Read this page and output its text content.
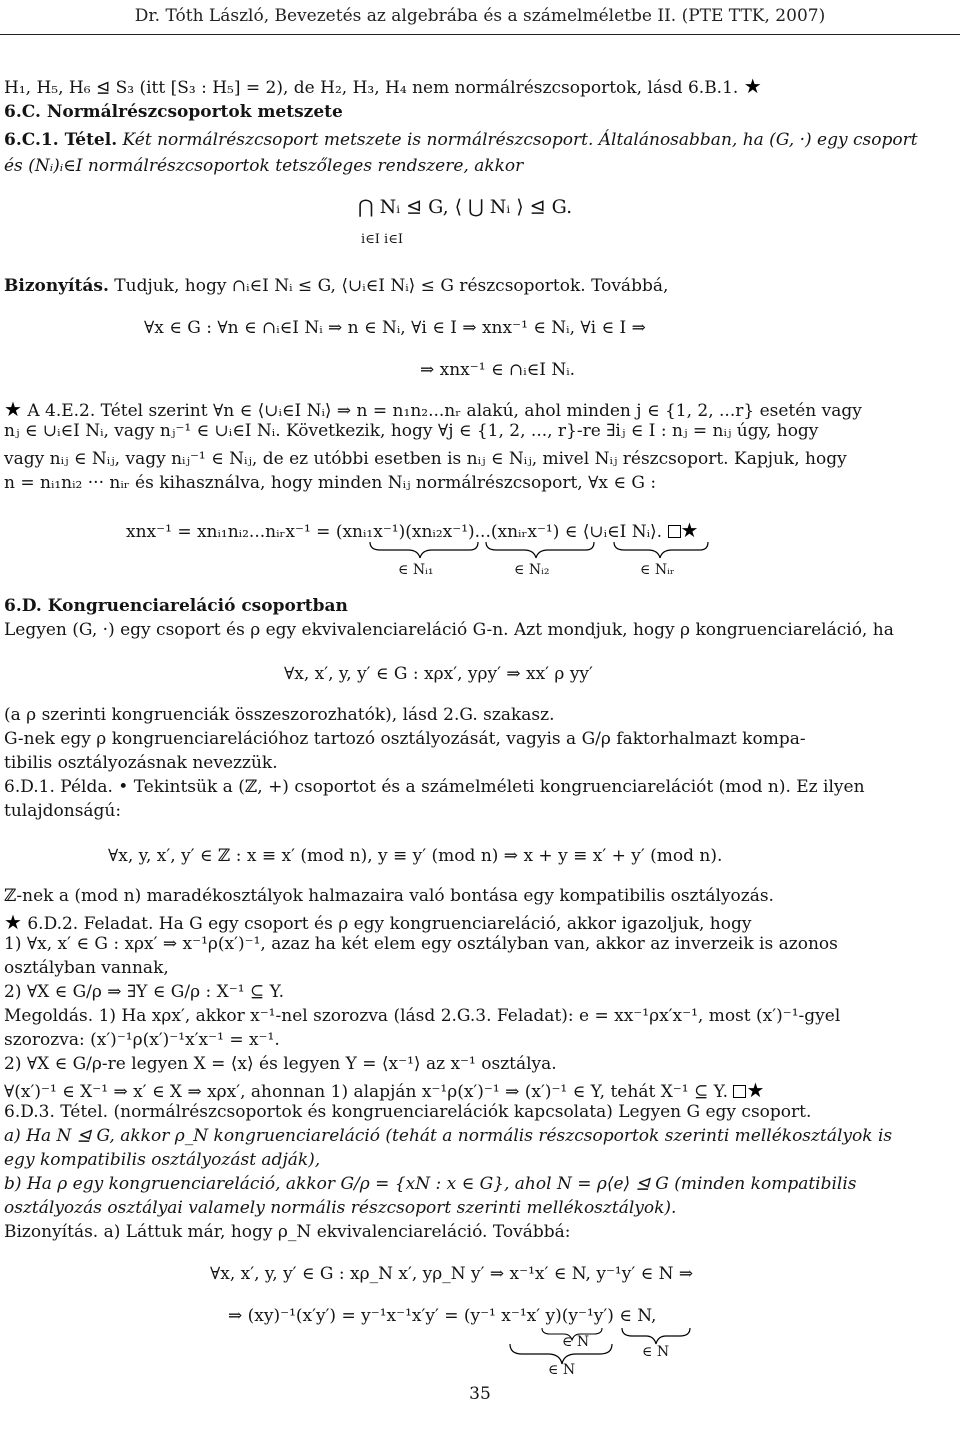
Dr. Tóth László, Bevezetés az algebrába és a számelméletbe II. (PTE TTK, 2007)

H₁, H₅, H₆ ⊴ S₃ (itt [S₃ : H₅] = 2), de H₂, H₃, H₄ nem normálrészcsoportok, lásd 6.B.1. ★

6.C. Normálrészcsoportok metszete

6.C.1. Tétel. Két normálrészcsoport metszete is normálrészcsoport. Általánosabban, ha (G, ·) egy csoport

és (Nᵢ)ᵢ∈I normálrészcsoportok tetszőleges rendszere, akkor

⋂ Nᵢ ⊴ G, ⟨ ⋃ Nᵢ ⟩ ⊴ G.

i∈I i∈I

Bizonyítás. Tudjuk, hogy ∩ᵢ∈I Nᵢ ≤ G, ⟨∪ᵢ∈I Nᵢ⟩ ≤ G részcsoportok. Továbbá,

∀x ∈ G : ∀n ∈ ∩ᵢ∈I Nᵢ ⇒ n ∈ Nᵢ, ∀i ∈ I ⇒ xnx⁻¹ ∈ Nᵢ, ∀i ∈ I ⇒

⇒ xnx⁻¹ ∈ ∩ᵢ∈I Nᵢ.

★ A 4.E.2. Tétel szerint ∀n ∈ ⟨∪ᵢ∈I Nᵢ⟩ ⇒ n = n₁n₂...nᵣ alakú, ahol minden j ∈ {1, 2, ...r} esetén vagy

nⱼ ∈ ∪ᵢ∈I Nᵢ, vagy nⱼ⁻¹ ∈ ∪ᵢ∈I Nᵢ. Következik, hogy ∀j ∈ {1, 2, ..., r}-re ∃iⱼ ∈ I : nⱼ = nᵢⱼ úgy, hogy

vagy nᵢⱼ ∈ Nᵢⱼ, vagy nᵢⱼ⁻¹ ∈ Nᵢⱼ, de ez utóbbi esetben is nᵢⱼ ∈ Nᵢⱼ, mivel Nᵢⱼ részcsoport. Kapjuk, hogy

n = nᵢ₁nᵢ₂ ··· nᵢᵣ és kihasználva, hogy minden Nᵢⱼ normálrészcsoport, ∀x ∈ G :

xnx⁻¹ = xnᵢ₁nᵢ₂...nᵢᵣx⁻¹ = (xnᵢ₁x⁻¹)(xnᵢ₂x⁻¹)...(xnᵢᵣx⁻¹) ∈ ⟨∪ᵢ∈I Nᵢ⟩. ★

∈ Nᵢ₁	∈ Nᵢ₂	∈ Nᵢᵣ

6.D. Kongruenciareláció csoportban

Legyen (G, ·) egy csoport és ρ egy ekvivalenciareláció G-n. Azt mondjuk, hogy ρ kongruenciareláció, ha

∀x, x′, y, y′ ∈ G : xρx′, yρy′ ⇒ xx′ ρ yy′

(a ρ szerinti kongruenciák összeszorozhatók), lásd 2.G. szakasz.

G-nek egy ρ kongruenciarelációhoz tartozó osztályozását, vagyis a G/ρ faktorhalmazt kompa-

tibilis osztályozásnak nevezzük.

6.D.1. Példa. • Tekintsük a (ℤ, +) csoportot és a számelméleti kongruenciarelációt (mod n). Ez ilyen

tulajdonságú:

∀x, y, x′, y′ ∈ ℤ : x ≡ x′ (mod n), y ≡ y′ (mod n) ⇒ x + y ≡ x′ + y′ (mod n).

ℤ-nek a (mod n) maradékosztályok halmazaira való bontása egy kompatibilis osztályozás.

★ 6.D.2. Feladat. Ha G egy csoport és ρ egy kongruenciareláció, akkor igazoljuk, hogy

1) ∀x, x′ ∈ G : xρx′ ⇒ x⁻¹ρ(x′)⁻¹, azaz ha két elem egy osztályban van, akkor az inverzeik is azonos

osztályban vannak,

2) ∀X ∈ G/ρ ⇒ ∃Y ∈ G/ρ : X⁻¹ ⊆ Y.

Megoldás. 1) Ha xρx′, akkor x⁻¹-nel szorozva (lásd 2.G.3. Feladat): e = xx⁻¹ρx′x⁻¹, most (x′)⁻¹-gyel

szorozva: (x′)⁻¹ρ(x′)⁻¹x′x⁻¹ = x⁻¹.

2) ∀X ∈ G/ρ-re legyen X = ⟨x⟩ és legyen Y = ⟨x⁻¹⟩ az x⁻¹ osztálya.

∀(x′)⁻¹ ∈ X⁻¹ ⇒ x′ ∈ X ⇒ xρx′, ahonnan 1) alapján x⁻¹ρ(x′)⁻¹ ⇒ (x′)⁻¹ ∈ Y, tehát X⁻¹ ⊆ Y. ★

6.D.3. Tétel. (normálrészcsoportok és kongruenciarelációk kapcsolata) Legyen G egy csoport.

a) Ha N ⊴ G, akkor ρ_N kongruenciareláció (tehát a normális részcsoportok szerinti mellékosztályok is

egy kompatibilis osztályozást adják),

b) Ha ρ egy kongruenciareláció, akkor G/ρ = {xN : x ∈ G}, ahol N = ρ⟨e⟩ ⊴ G (minden kompatibilis

osztályozás osztályai valamely normális részcsoport szerinti mellékosztályok).

Bizonyítás. a) Láttuk már, hogy ρ_N ekvivalenciareláció. Továbbá:

∀x, x′, y, y′ ∈ G : xρ_N x′, yρ_N y′ ⇒ x⁻¹x′ ∈ N, y⁻¹y′ ∈ N ⇒

⇒ (xy)⁻¹(x′y′) = y⁻¹x⁻¹x′y′ = (y⁻¹ x⁻¹x′ y)(y⁻¹y′) ∈ N,

∈ N
∈ N
∈ N
35
